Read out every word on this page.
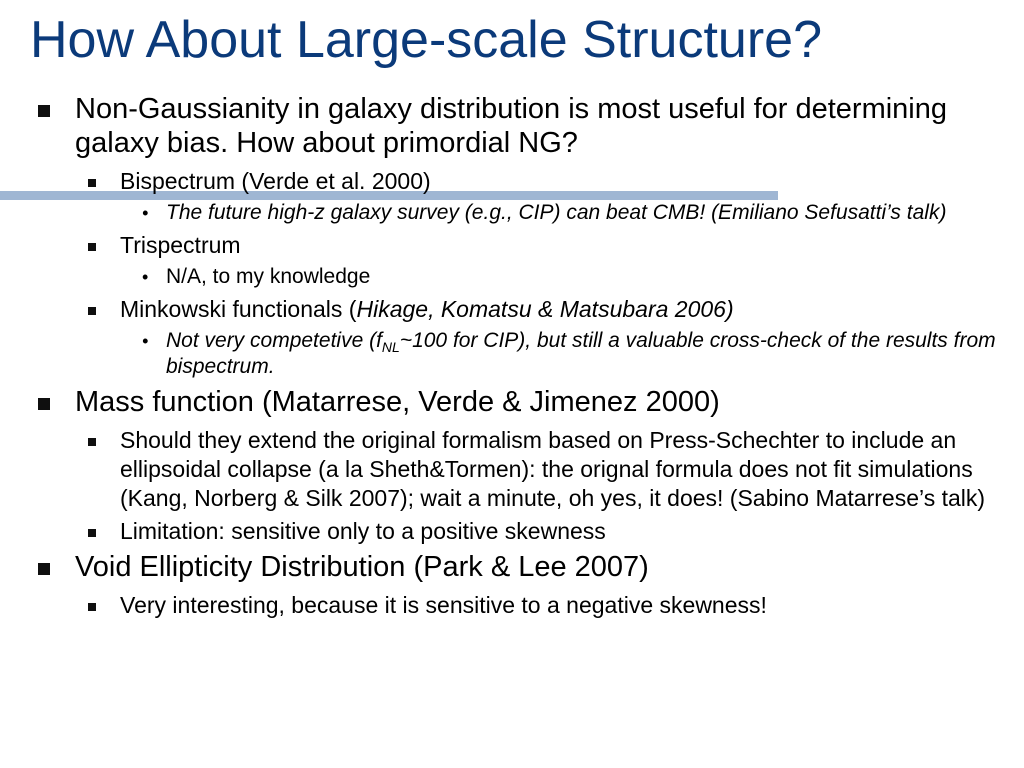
How About Large-scale Structure?
Non-Gaussianity in galaxy distribution is most useful for determining galaxy bias. How about primordial NG?
Bispectrum (Verde et al. 2000)
• The future high-z galaxy survey (e.g., CIP) can beat CMB! (Emiliano Sefusatti’s talk)
Trispectrum
• N/A, to my knowledge
Minkowski functionals (Hikage, Komatsu & Matsubara 2006)
• Not very competetive ($f_{NL}\sim 100$ for CIP), but still a valuable cross-check of the results from bispectrum.
Mass function (Matarrese, Verde & Jimenez 2000)
Should they extend the original formalism based on Press-Schechter to include an ellipsoidal collapse (a la Sheth&Tormen): the orignal formula does not fit simulations (Kang, Norberg & Silk 2007); wait a minute, oh yes, it does! (Sabino Matarrese’s talk)
Limitation: sensitive only to a positive skewness
Void Ellipticity Distribution (Park & Lee 2007)
Very interesting, because it is sensitive to a negative skewness!
